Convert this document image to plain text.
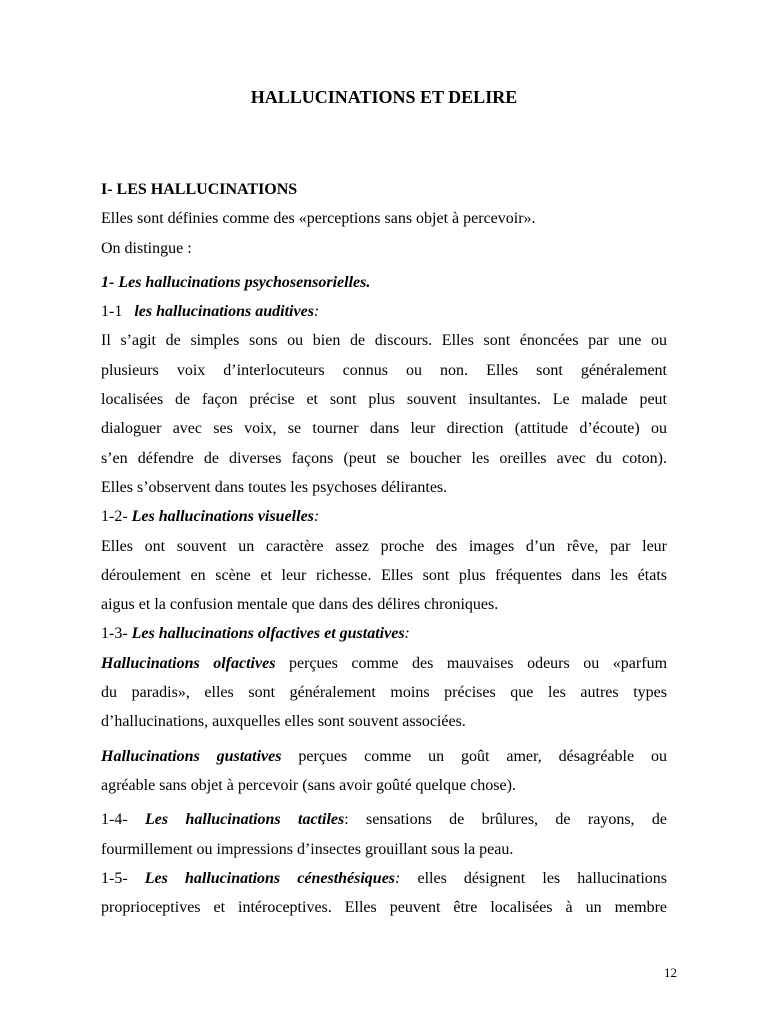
HALLUCINATIONS ET DELIRE
I- LES HALLUCINATIONS
Elles sont définies comme des «perceptions sans objet à percevoir».
On distingue :
1- Les hallucinations psychosensorielles.
1-1 les hallucinations auditives:
Il s’agit de simples sons ou bien de discours. Elles sont énoncées par une ou
plusieurs voix d’interlocuteurs connus ou non. Elles sont généralement
localisées de façon précise et sont plus souvent insultantes. Le malade peut
dialoguer avec ses voix, se tourner dans leur direction (attitude d’écoute) ou
s’en défendre de diverses façons (peut se boucher les oreilles avec du coton).
Elles s’observent dans toutes les psychoses délirantes.
1-2- Les hallucinations visuelles:
Elles ont souvent un caractère assez proche des images d’un rêve, par leur
déroulement en scène et leur richesse. Elles sont plus fréquentes dans les états
aigus et la confusion mentale que dans des délires chroniques.
1-3- Les hallucinations olfactives et gustatives:
Hallucinations olfactives perçues comme des mauvaises odeurs ou «parfum
du paradis», elles sont généralement moins précises que les autres types
d’hallucinations, auxquelles elles sont souvent associées.
Hallucinations gustatives perçues comme un goût amer, désagréable ou
agréable sans objet à percevoir (sans avoir goûté quelque chose).
1-4- Les hallucinations tactiles: sensations de brûlures, de rayons, de
fourmillement ou impressions d’insectes grouillant sous la peau.
1-5- Les hallucinations cénesthésiques: elles désignent les hallucinations
proprioceptives et intéroceptives. Elles peuvent être localisées à un membre
12
